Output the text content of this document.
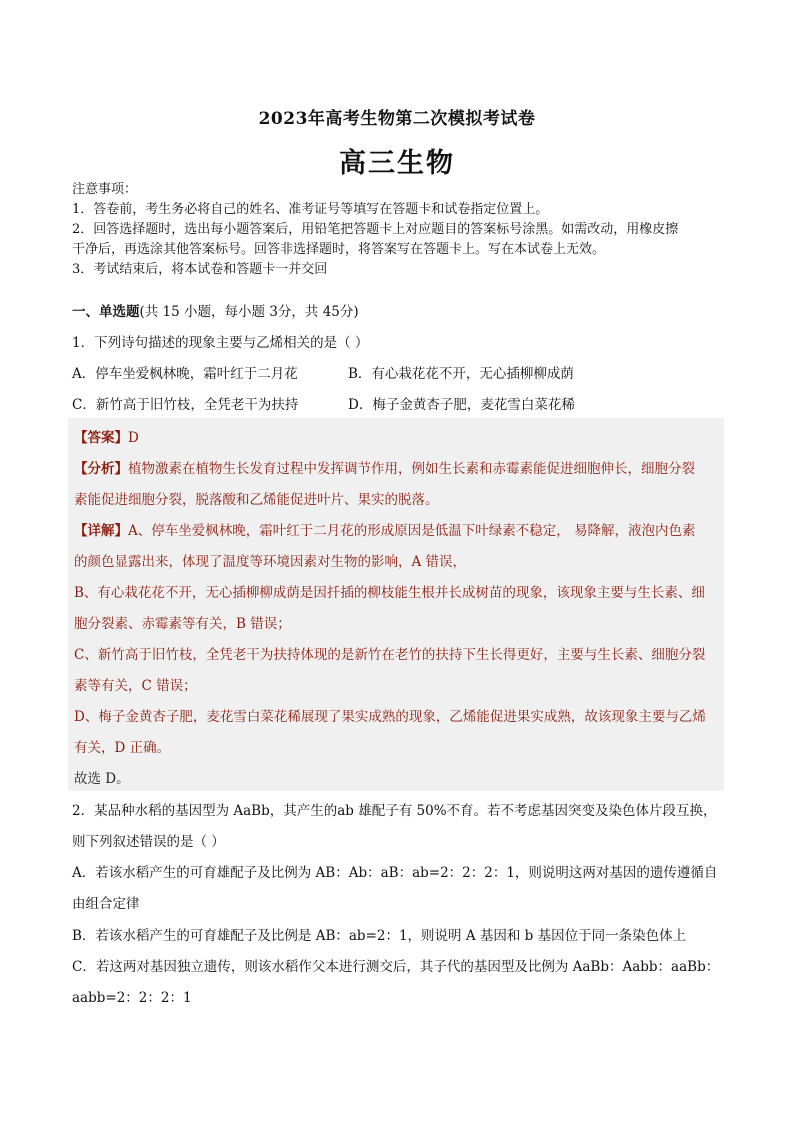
2023年高考生物第二次模拟考试卷
高三生物
注意事项：
1．答卷前，考生务必将自己的姓名、准考证号等填写在答题卡和试卷指定位置上。
2．回答选择题时，选出每小题答案后，用铅笔把答题卡上对应题目的答案标号涂黑。如需改动，用橡皮擦
干净后，再选涂其他答案标号。回答非选择题时，将答案写在答题卡上。写在本试卷上无效。
3．考试结束后，将本试卷和答题卡一并交回
一、单选题(共 15 小题，每小题 3分，共 45分)
1．下列诗句描述的现象主要与乙烯相关的是（ ）
A．停车坐爱枫林晚，霜叶红于二月花	B．有心栽花花不开，无心插柳柳成荫
C．新竹高于旧竹枝，全凭老干为扶持	D．梅子金黄杏子肥，麦花雪白菜花稀
【答案】D
【分析】植物激素在植物生长发育过程中发挥调节作用，例如生长素和赤霉素能促进细胞伸长，细胞分裂
素能促进细胞分裂，脱落酸和乙烯能促进叶片、果实的脱落。
【详解】A、停车坐爱枫林晚，霜叶红于二月花的形成原因是低温下叶绿素不稳定， 易降解，液泡内色素
的颜色显露出来，体现了温度等环境因素对生物的影响，A 错误，
B、有心栽花花不开，无心插柳柳成荫是因扦插的柳枝能生根并长成树苗的现象，该现象主要与生长素、细
胞分裂素、赤霉素等有关，B 错误；
C、新竹高于旧竹枝，全凭老干为扶持体现的是新竹在老竹的扶持下生长得更好，主要与生长素、细胞分裂
素等有关，C 错误；
D、梅子金黄杏子肥，麦花雪白菜花稀展现了果实成熟的现象，乙烯能促进果实成熟，故该现象主要与乙烯
有关，D 正确。
故选 D。
2．某品种水稻的基因型为 AaBb，其产生的ab 雄配子有 50%不育。若不考虑基因突变及染色体片段互换，
则下列叙述错误的是（ ）
A．若该水稻产生的可育雄配子及比例为 AB：Ab：aB：ab=2：2：2：1，则说明这两对基因的遗传遵循自
由组合定律
B．若该水稻产生的可育雄配子及比例是 AB：ab=2：1，则说明 A 基因和 b 基因位于同一条染色体上
C．若这两对基因独立遗传，则该水稻作父本进行测交后，其子代的基因型及比例为 AaBb：Aabb：aaBb：
aabb=2：2：2：1
